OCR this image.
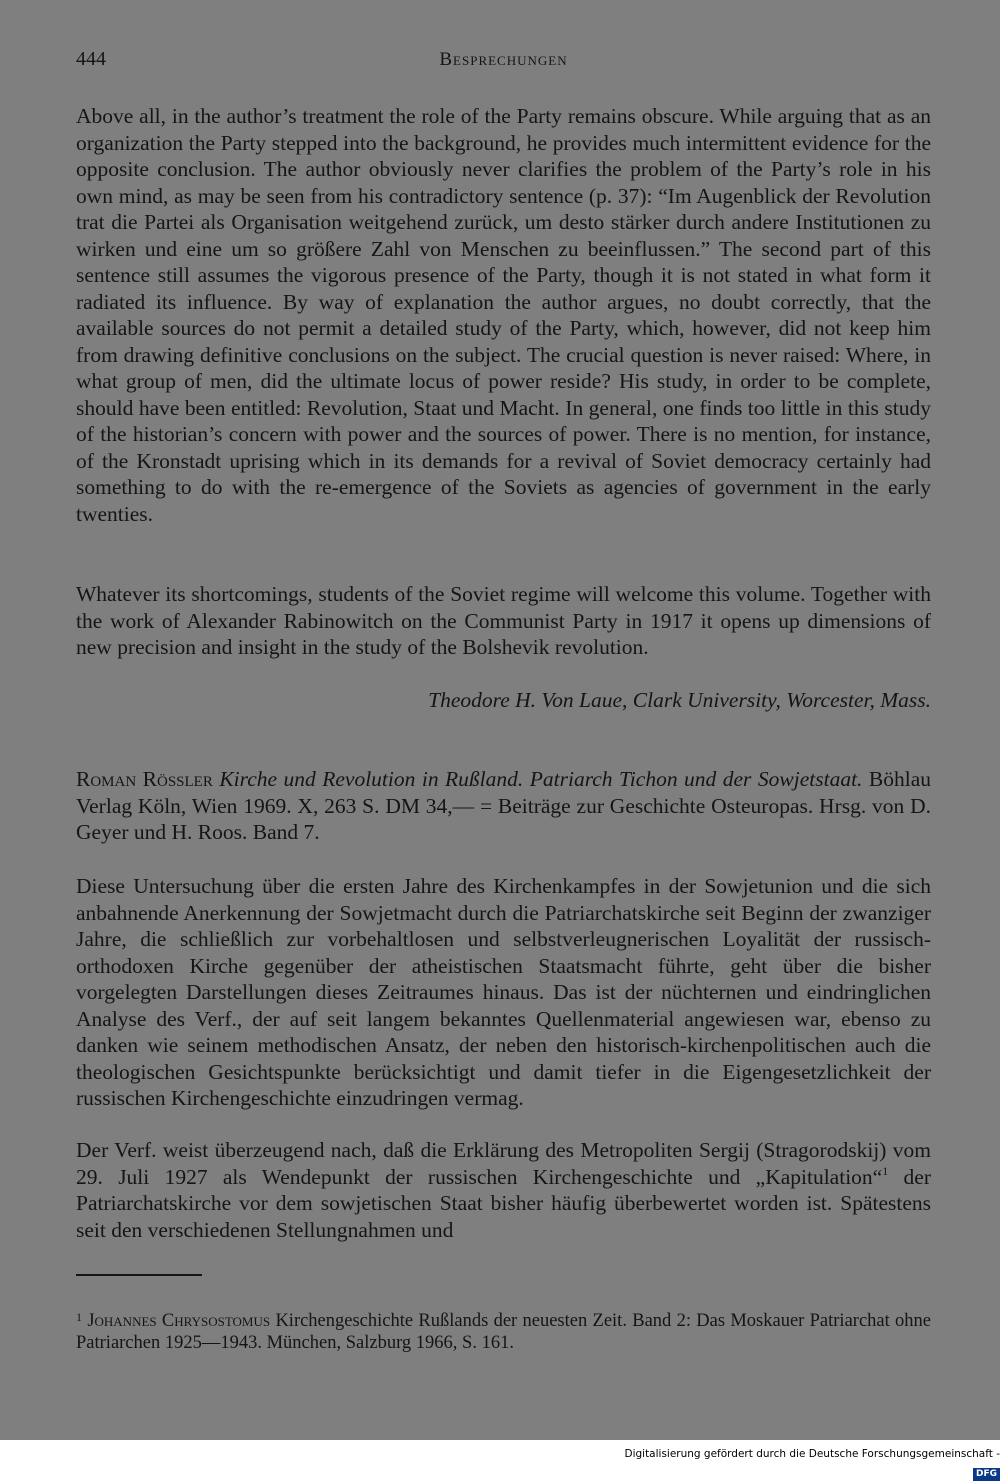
444	Besprechungen

Above all, in the author’s treatment the role of the Party remains obscure. While arguing that as an organization the Party stepped into the background, he provides much intermittent evidence for the opposite conclusion. The author obviously never clarifies the problem of the Party’s role in his own mind, as may be seen from his contradictory sentence (p. 37): “Im Augenblick der Revolution trat die Partei als Organisation weitgehend zurück, um desto stärker durch andere Institutionen zu wirken und eine um so größere Zahl von Menschen zu beeinflussen.” The second part of this sentence still assumes the vigorous presence of the Party, though it is not stated in what form it radiated its influence. By way of explanation the author argues, no doubt correctly, that the available sources do not permit a detailed study of the Party, which, however, did not keep him from drawing definitive conclusions on the subject. The crucial question is never raised: Where, in what group of men, did the ultimate locus of power reside? His study, in order to be complete, should have been entitled: Revolution, Staat und Macht. In general, one finds too little in this study of the historian’s concern with power and the sources of power. There is no mention, for instance, of the Kronstadt uprising which in its demands for a revival of Soviet democracy certainly had something to do with the re-emergence of the Soviets as agencies of government in the early twenties.

Whatever its shortcomings, students of the Soviet regime will welcome this volume. Together with the work of Alexander Rabinowitch on the Communist Party in 1917 it opens up dimensions of new precision and insight in the study of the Bolshevik revolution.

Theodore H. Von Laue, Clark University, Worcester, Mass.

Roman Rössler Kirche und Revolution in Rußland. Patriarch Tichon und der Sowjetstaat. Böhlau Verlag Köln, Wien 1969. X, 263 S. DM 34,— = Beiträge zur Geschichte Osteuropas. Hrsg. von D. Geyer und H. Roos. Band 7.

Diese Untersuchung über die ersten Jahre des Kirchenkampfes in der Sowjetunion und die sich anbahnende Anerkennung der Sowjetmacht durch die Patriarchatskirche seit Beginn der zwanziger Jahre, die schließlich zur vorbehaltlosen und selbstverleugnerischen Loyalität der russisch-orthodoxen Kirche gegenüber der atheistischen Staatsmacht führte, geht über die bisher vorgelegten Darstellungen dieses Zeitraumes hinaus. Das ist der nüchternen und eindringlichen Analyse des Verf., der auf seit langem bekanntes Quellenmaterial angewiesen war, ebenso zu danken wie seinem methodischen Ansatz, der neben den historisch-kirchenpolitischen auch die theologischen Gesichtspunkte berücksichtigt und damit tiefer in die Eigengesetzlichkeit der russischen Kirchengeschichte einzudringen vermag.

Der Verf. weist überzeugend nach, daß die Erklärung des Metropoliten Sergij (Stragorodskij) vom 29. Juli 1927 als Wendepunkt der russischen Kirchengeschichte und „Kapitulation“$^1$ der Patriarchatskirche vor dem sowjetischen Staat bisher häufig überbewertet worden ist. Spätestens seit den verschiedenen Stellungnahmen und

$^1$ Johannes Chrysostomus Kirchengeschichte Rußlands der neuesten Zeit. Band 2: Das Moskauer Patriarchat ohne Patriarchen 1925—1943. München, Salzburg 1966, S. 161.

Digitalisierung gefördert durch die Deutsche Forschungsgemeinschaft -DFG
